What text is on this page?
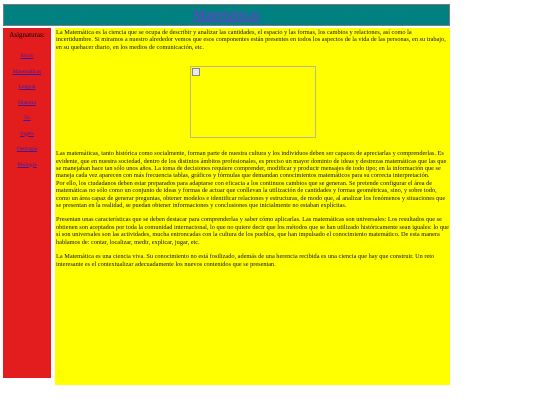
Matemáticas
Asignaturas:
Inicio
Matemáticas
Lengua
Historia
Tic
Inglés
Geología
Biología

La Matemática es la ciencia que se ocupa de describir y analizar las cantidades, el espacio y las formas, los cambios y relaciones, así como la incertidumbre. Si miramos a nuestro alrededor vemos que esos componentes están presentes en todos los aspectos de la vida de las personas, en su trabajo, en su quehacer diario, en los medios de comunicación, etc.

Las matemáticas, tanto histórica como socialmente, forman parte de nuestra cultura y los individuos deben ser capaces de apreciarlas y comprenderlas. Es evidente, que en nuestra sociedad, dentro de los distintos ámbitos profesionales, es preciso un mayor dominio de ideas y destrezas matemáticas que las que se manejaban hace tan sólo unos años. La toma de decisiones requiere comprender, modificar y producir mensajes de todo tipo; en la información que se maneja cada vez aparecen con más frecuencia tablas, gráficos y fórmulas que demandan conocimientos matemáticos para su correcta interpretación.

Por ello, los ciudadanos deben estar preparados para adaptarse con eficacia a los continuos cambios que se generan. Se pretende configurar el área de matemáticas no sólo como un conjunto de ideas y formas de actuar que conllevan la utilización de cantidades y formas geométricas, sino, y sobre todo, como un área capaz de generar preguntas, obtener modelos e identificar relaciones y estructuras, de modo que, al analizar los fenómenos y situaciones que se presentan en la realidad, se puedan obtener informaciones y conclusiones que inicialmente no estaban explícitas.

Presentan unas características que se deben destacar para comprenderlas y saber cómo aplicarlas. Las matemáticas son universales: Los resultados que se obtienen son aceptados por toda la comunidad internacional, lo que no quiere decir que los métodos que se han utilizado históricamente sean iguales: lo que sí son universales son las actividades, mucha entroncadas con la cultura de los pueblos, que han impulsado el conocimiento matemático. De esta manera hablamos de: contar, localizar, medir, explicar, jugar, etc.

La Matemática es una ciencia viva. Su conocimiento no está fosilizado, además de una herencia recibida es una ciencia que hay que construir. Un reto interesante es el contextualizar adecuadamente los nuevos contenidos que se presentan.
